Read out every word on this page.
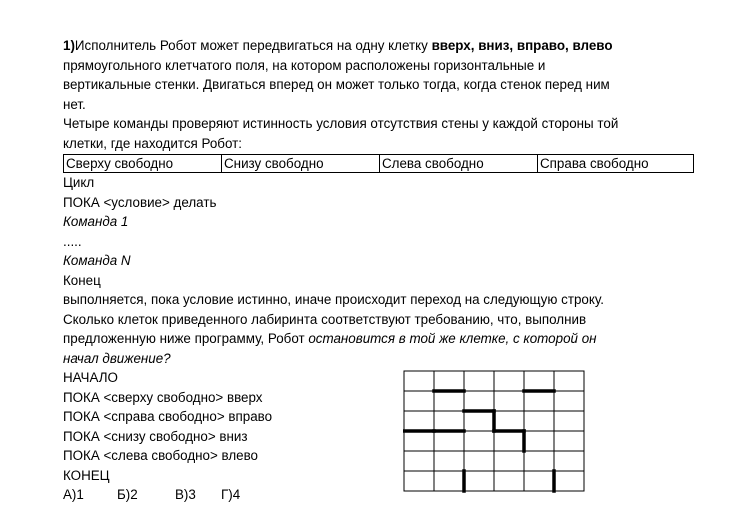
1)Исполнитель Робот может передвигаться на одну клетку вверх, вниз, вправо, влево
прямоугольного клетчатого поля, на котором расположены горизонтальные и
вертикальные стенки. Двигаться вперед он может только тогда, когда стенок перед ним
нет.
Четыре команды проверяют истинность условия отсутствия стены у каждой стороны той
клетки, где находится Робот:
Сверху свободно	Снизу свободно	Слева свободно	Справа свободно
Цикл
ПОКА <условие> делать
Команда 1
.....
Команда N
Конец
выполняется, пока условие истинно, иначе происходит переход на следующую строку.
Сколько клеток приведенного лабиринта соответствуют требованию, что, выполнив
предложенную ниже программу, Робот остановится в той же клетке, с которой он
начал движение?
НАЧАЛО
ПОКА <сверху свободно> вверх
ПОКА <справа свободно> вправо
ПОКА <снизу свободно> вниз
ПОКА <слева свободно> влево
КОНЕЦ
А)1 Б)2	В)3 Г)4
